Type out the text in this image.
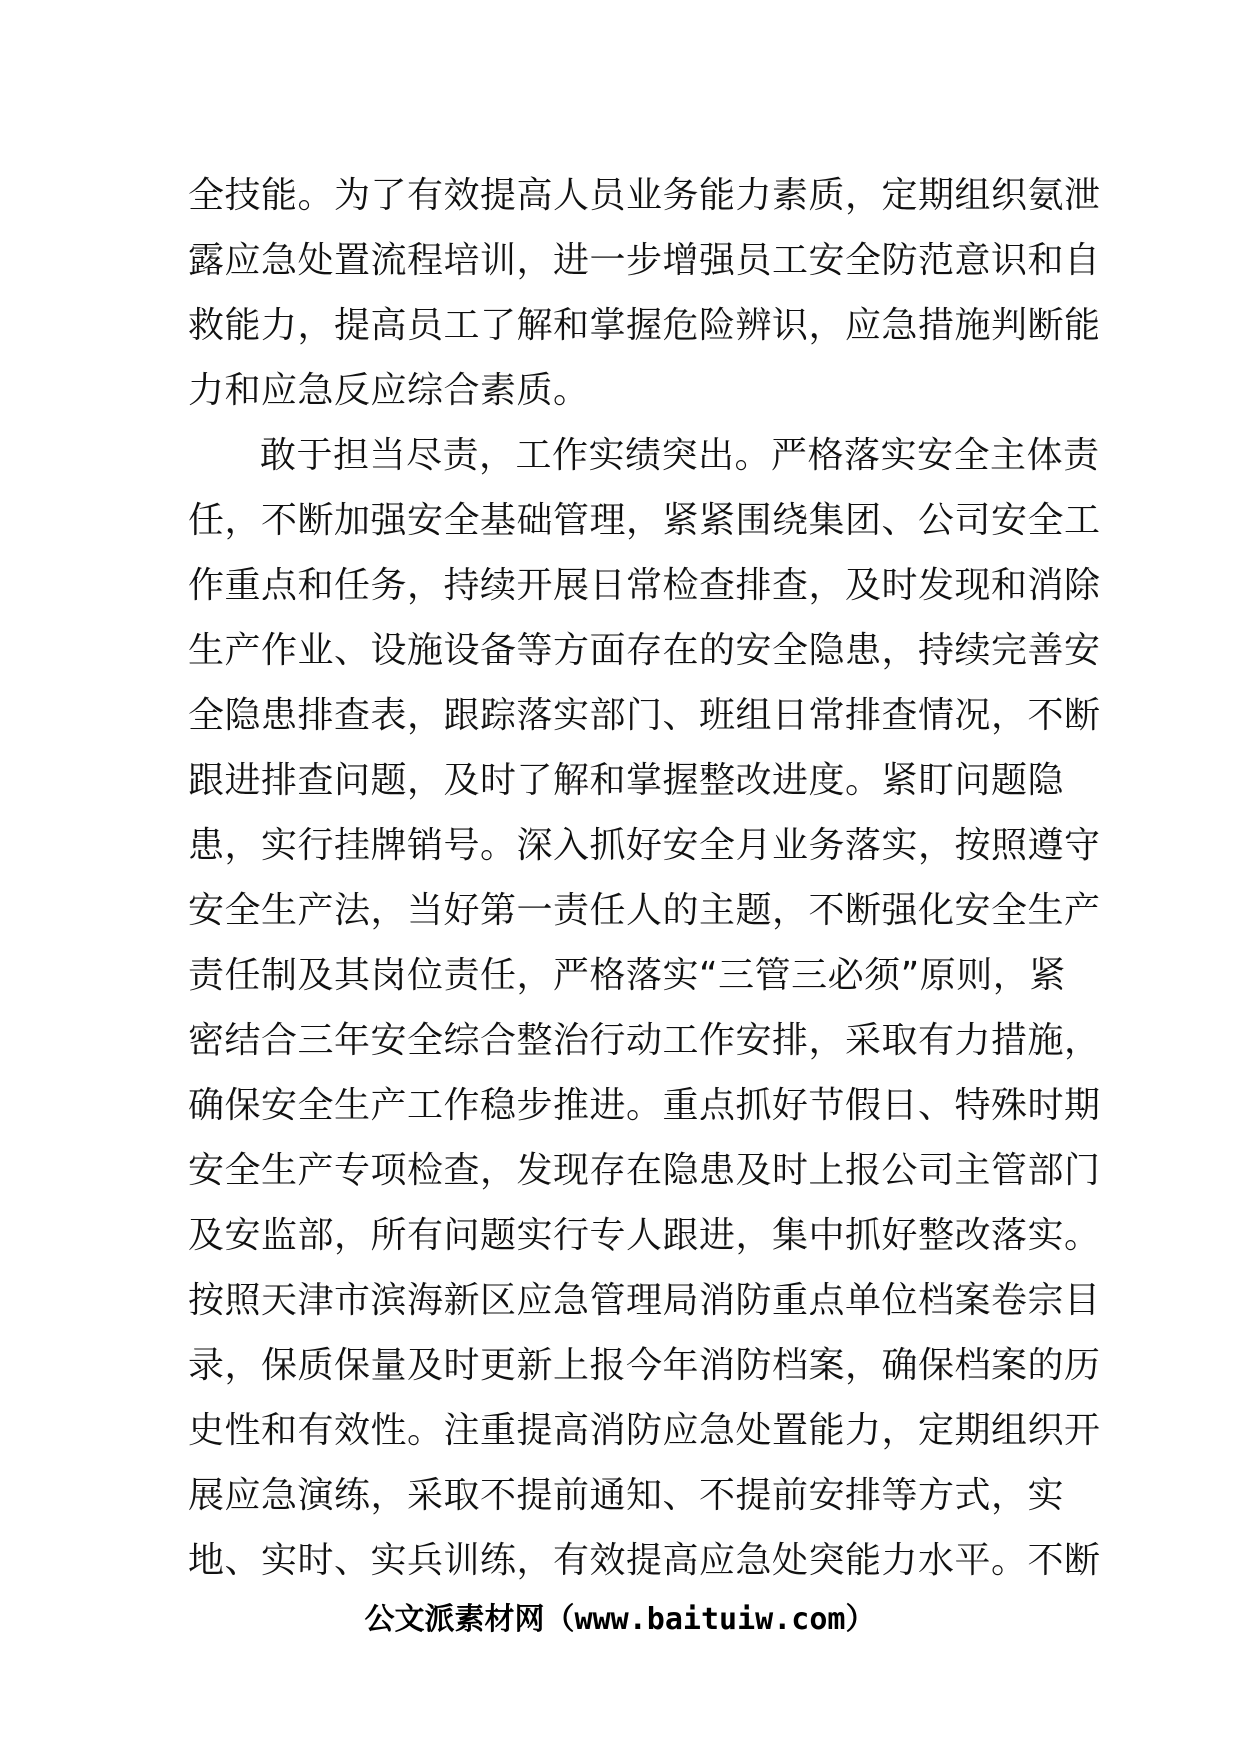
全技能。为了有效提高人员业务能力素质，定期组织氨泄
露应急处置流程培训，进一步增强员工安全防范意识和自
救能力，提高员工了解和掌握危险辨识，应急措施判断能
力和应急反应综合素质。
敢于担当尽责，工作实绩突出。严格落实安全主体责
任，不断加强安全基础管理，紧紧围绕集团、公司安全工
作重点和任务，持续开展日常检查排查，及时发现和消除
生产作业、设施设备等方面存在的安全隐患，持续完善安
全隐患排查表，跟踪落实部门、班组日常排查情况，不断
跟进排查问题，及时了解和掌握整改进度。紧盯问题隐
患，实行挂牌销号。深入抓好安全月业务落实，按照遵守
安全生产法，当好第一责任人的主题，不断强化安全生产
责任制及其岗位责任，严格落实“三管三必须”原则，紧
密结合三年安全综合整治行动工作安排，采取有力措施，
确保安全生产工作稳步推进。重点抓好节假日、特殊时期
安全生产专项检查，发现存在隐患及时上报公司主管部门
及安监部，所有问题实行专人跟进，集中抓好整改落实。
按照天津市滨海新区应急管理局消防重点单位档案卷宗目
录，保质保量及时更新上报今年消防档案，确保档案的历
史性和有效性。注重提高消防应急处置能力，定期组织开
展应急演练，采取不提前通知、不提前安排等方式，实
地、实时、实兵训练，有效提高应急处突能力水平。不断
公文派素材网（www.baituiw.com）
